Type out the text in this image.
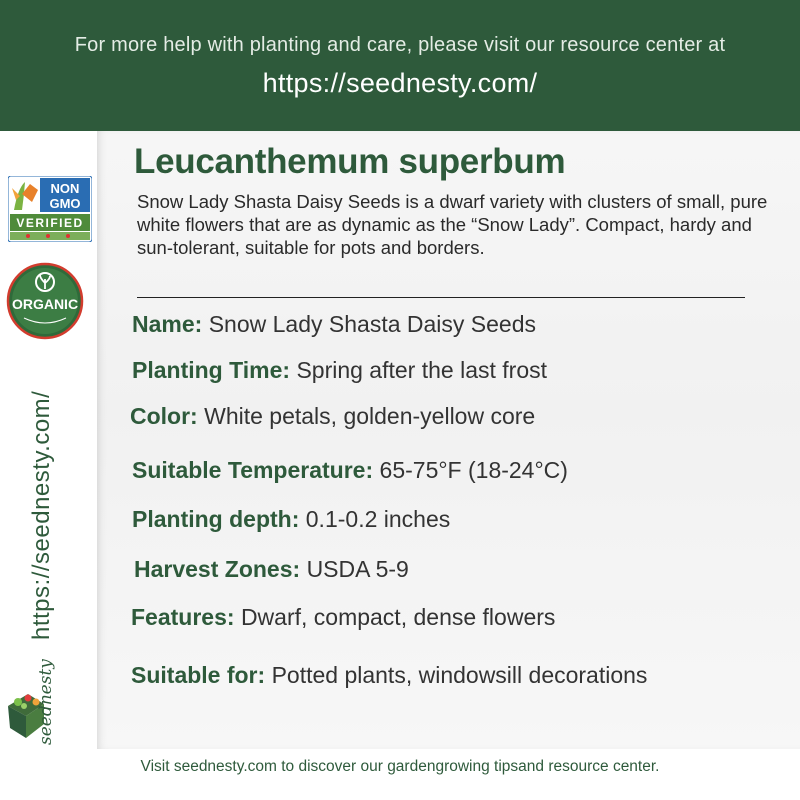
For more help with planting and care, please visit our resource center at
https://seednesty.com/
NON
GMO
VERIFIED
ORGANIC
https://seednesty.com/
seednesty
Leucanthemum superbum
Snow Lady Shasta Daisy Seeds is a dwarf variety with clusters of small, pure white flowers that are as dynamic as the “Snow Lady”. Compact, hardy and sun-tolerant, suitable for pots and borders.
Name: Snow Lady Shasta Daisy Seeds
Planting Time: Spring after the last frost
Color: White petals, golden-yellow core
Suitable Temperature: 65-75°F (18-24°C)
Planting depth: 0.1-0.2 inches
Harvest Zones: USDA 5-9
Features: Dwarf, compact, dense flowers
Suitable for: Potted plants, windowsill decorations
Visit seednesty.com to discover our gardengrowing tipsand resource center.
